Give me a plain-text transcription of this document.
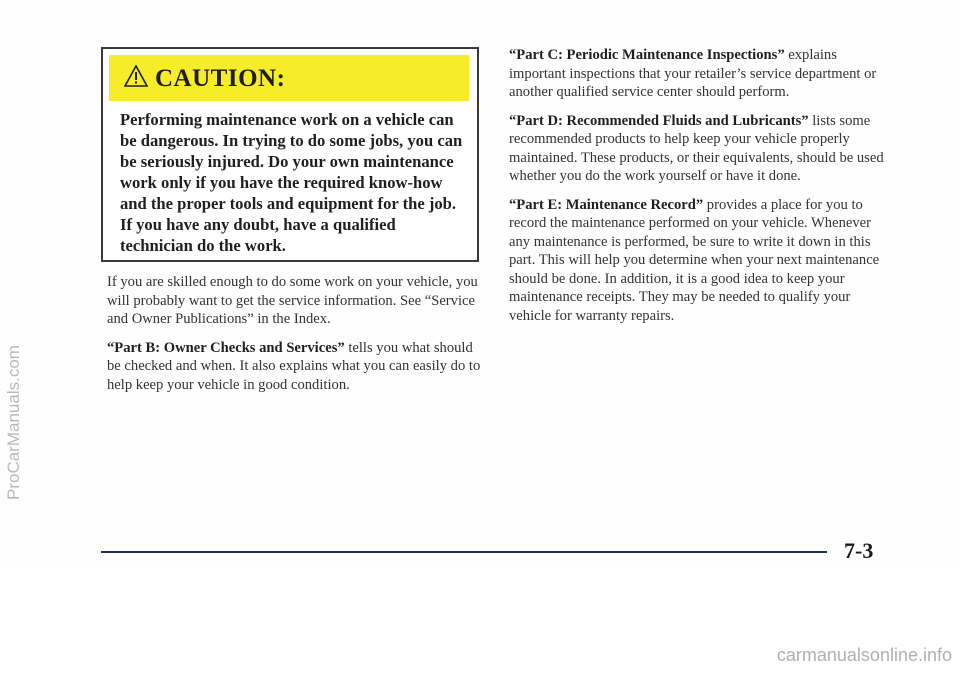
ProCarManuals.com
CAUTION:
Performing maintenance work on a vehicle can be dangerous. In trying to do some jobs, you can be seriously injured. Do your own maintenance work only if you have the required know-how and the proper tools and equipment for the job. If you have any doubt, have a qualified technician do the work.

If you are skilled enough to do some work on your vehicle, you will probably want to get the service information. See “Service and Owner Publications” in the Index.

“Part B: Owner Checks and Services” tells you what should be checked and when. It also explains what you can easily do to help keep your vehicle in good condition.

“Part C: Periodic Maintenance Inspections” explains important inspections that your retailer’s service department or another qualified service center should perform.

“Part D: Recommended Fluids and Lubricants” lists some recommended products to help keep your vehicle properly maintained. These products, or their equivalents, should be used whether you do the work yourself or have it done.

“Part E: Maintenance Record” provides a place for you to record the maintenance performed on your vehicle. Whenever any maintenance is performed, be sure to write it down in this part. This will help you determine when your next maintenance should be done. In addition, it is a good idea to keep your maintenance receipts. They may be needed to qualify your vehicle for warranty repairs.

7-3
carmanualsonline.info
